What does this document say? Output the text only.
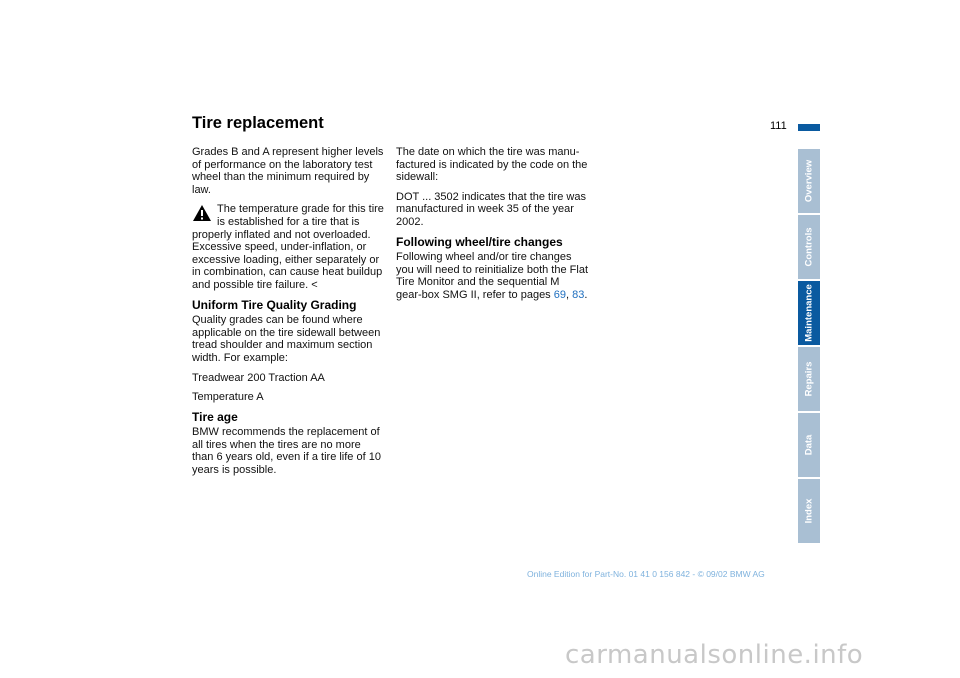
Tire replacement	111

Grades B and A represent higher levels of performance on the laboratory test wheel than the minimum required by law.

The temperature grade for this tire is established for a tire that is properly inflated and not overloaded. Excessive speed, under-inflation, or excessive loading, either separately or in combination, can cause heat buildup and possible tire failure. <
Uniform Tire Quality Grading

Quality grades can be found where applicable on the tire sidewall between tread shoulder and maximum section width. For example:

Treadwear 200 Traction AA

Temperature A

Tire age

BMW recommends the replacement of all tires when the tires are no more than 6 years old, even if a tire life of 10 years is possible.

The date on which the tire was manu-factured is indicated by the code on the sidewall:

DOT ... 3502 indicates that the tire was manufactured in week 35 of the year 2002.

Following wheel/tire changes

Following wheel and/or tire changes you will need to reinitialize both the Flat Tire Monitor and the sequential M gear-box SMG II, refer to pages 69, 83.

Overview
Controls
Maintenance
Repairs
Data
Index
Online Edition for Part-No. 01 41 0 156 842 - © 09/02 BMW AG
carmanualsonline.info
